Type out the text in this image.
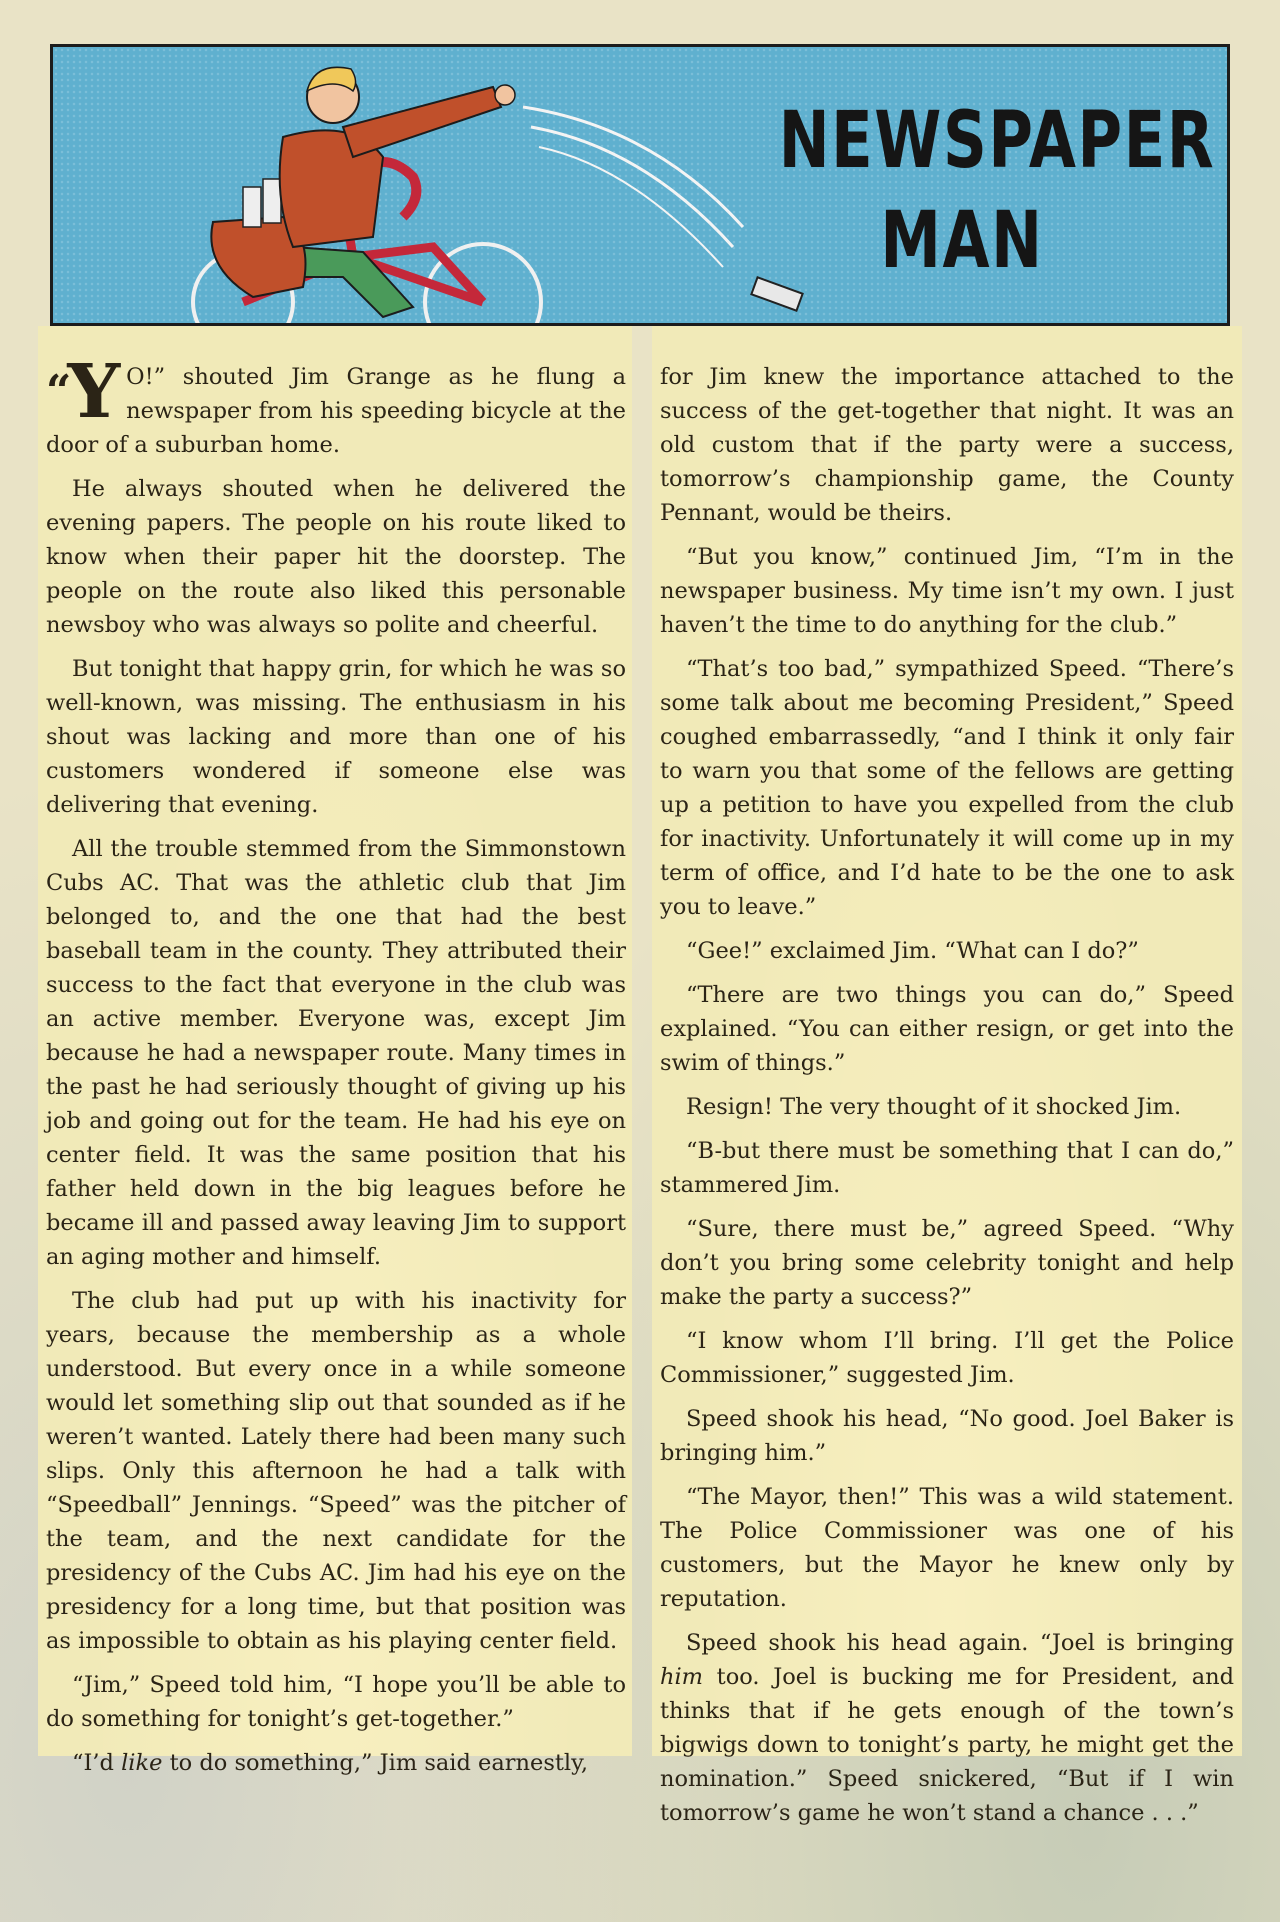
NEWSPAPER
MAN

“Y O!” shouted Jim Grange as he flung a newspaper from his speeding bicycle at the door of a suburban home.

He always shouted when he delivered the evening papers. The people on his route liked to know when their paper hit the doorstep. The people on the route also liked this personable newsboy who was always so polite and cheerful.

But tonight that happy grin, for which he was so well-known, was missing. The enthusiasm in his shout was lacking and more than one of his customers wondered if someone else was delivering that evening.

All the trouble stemmed from the Simmonstown Cubs AC. That was the athletic club that Jim belonged to, and the one that had the best baseball team in the county. They attributed their success to the fact that everyone in the club was an active member. Everyone was, except Jim because he had a newspaper route. Many times in the past he had seriously thought of giving up his job and going out for the team. He had his eye on center field. It was the same position that his father held down in the big leagues before he became ill and passed away leaving Jim to support an aging mother and himself.

The club had put up with his inactivity for years, because the membership as a whole understood. But every once in a while someone would let something slip out that sounded as if he weren’t wanted. Lately there had been many such slips. Only this afternoon he had a talk with “Speedball” Jennings. “Speed” was the pitcher of the team, and the next candidate for the presidency of the Cubs AC. Jim had his eye on the presidency for a long time, but that position was as impossible to obtain as his playing center field.

“Jim,” Speed told him, “I hope you’ll be able to do something for tonight’s get-together.”

“I’d like to do something,” Jim said earnestly,

for Jim knew the importance attached to the success of the get-together that night. It was an old custom that if the party were a success, tomorrow’s championship game, the County Pennant, would be theirs.

“But you know,” continued Jim, “I’m in the newspaper business. My time isn’t my own. I just haven’t the time to do anything for the club.”

“That’s too bad,” sympathized Speed. “There’s some talk about me becoming President,” Speed coughed embarrassedly, “and I think it only fair to warn you that some of the fellows are getting up a petition to have you expelled from the club for inactivity. Unfortunately it will come up in my term of office, and I’d hate to be the one to ask you to leave.”

“Gee!” exclaimed Jim. “What can I do?”

“There are two things you can do,” Speed explained. “You can either resign, or get into the swim of things.”

Resign! The very thought of it shocked Jim.

“B-but there must be something that I can do,” stammered Jim.

“Sure, there must be,” agreed Speed. “Why don’t you bring some celebrity tonight and help make the party a success?”

“I know whom I’ll bring. I’ll get the Police Commissioner,” suggested Jim.

Speed shook his head, “No good. Joel Baker is bringing him.”

“The Mayor, then!” This was a wild statement. The Police Commissioner was one of his customers, but the Mayor he knew only by reputation.

Speed shook his head again. “Joel is bringing him too. Joel is bucking me for President, and thinks that if he gets enough of the town’s bigwigs down to tonight’s party, he might get the nomination.” Speed snickered, “But if I win tomorrow’s game he won’t stand a chance . . .”
